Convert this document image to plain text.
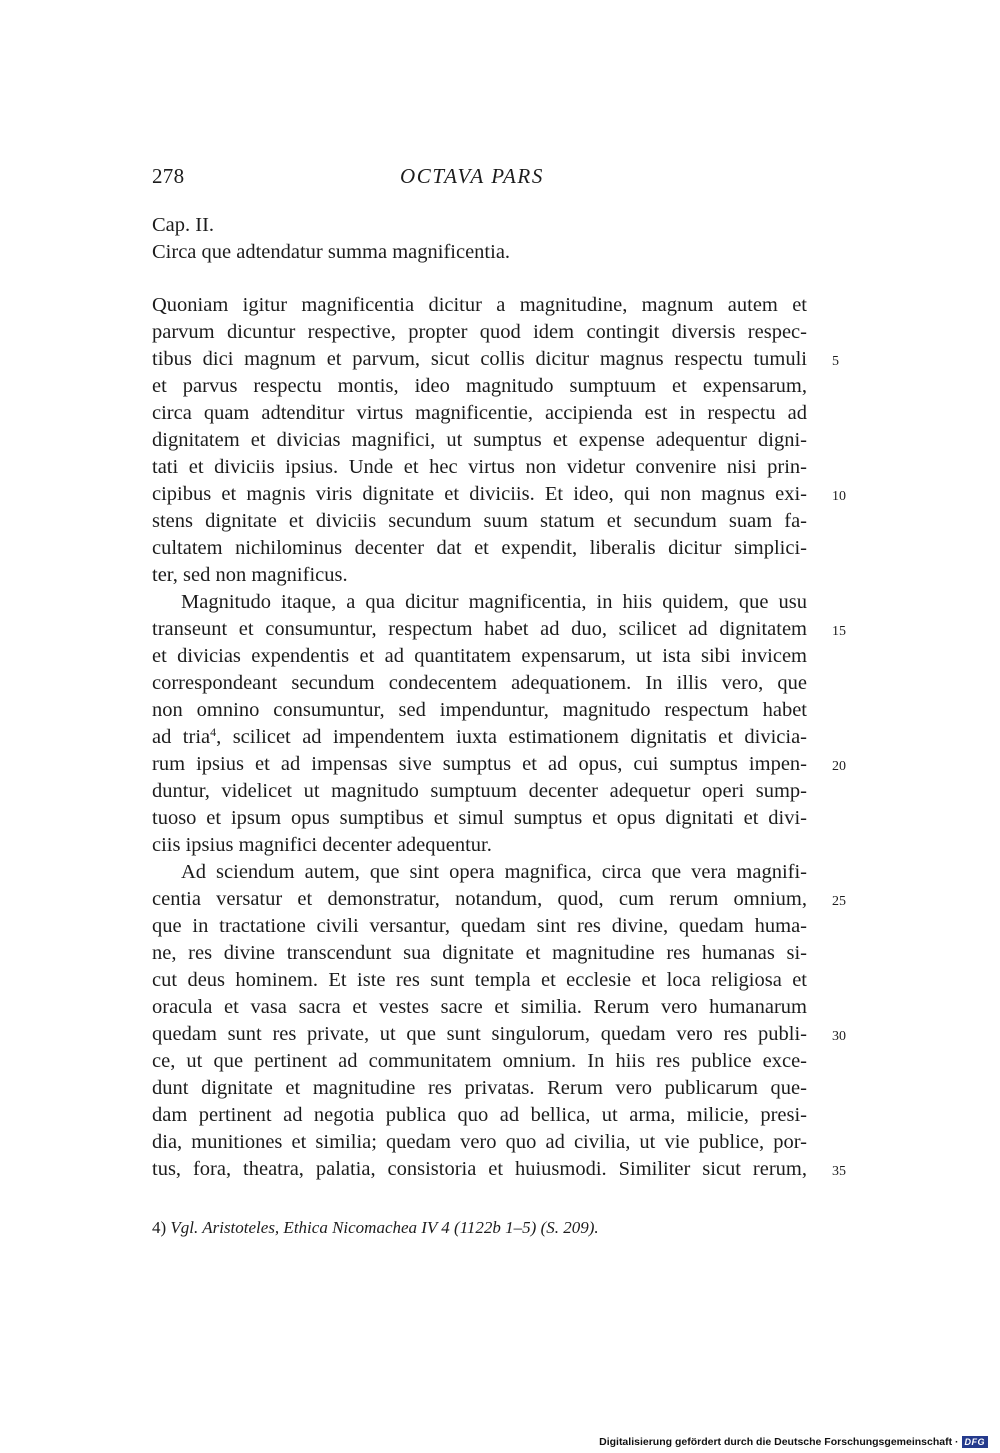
278	OCTAVA PARS
Cap. II.
Circa que adtendatur summa magnificentia.
Quoniam igitur magnificentia dicitur a magnitudine, magnum autem et
parvum dicuntur respective, propter quod idem contingit diversis respec-
tibus dici magnum et parvum, sicut collis dicitur magnus respectu tumuli
et parvus respectu montis, ideo magnitudo sumptuum et expensarum,
circa quam adtenditur virtus magnificentie, accipienda est in respectu ad
dignitatem et divicias magnifici, ut sumptus et expense adequentur digni-
tati et diviciis ipsius. Unde et hec virtus non videtur convenire nisi prin-
cipibus et magnis viris dignitate et diviciis. Et ideo, qui non magnus exi-
stens dignitate et diviciis secundum suum statum et secundum suam fa-
cultatem nichilominus decenter dat et expendit, liberalis dicitur simplici-
ter, sed non magnificus.
Magnitudo itaque, a qua dicitur magnificentia, in hiis quidem, que usu
transeunt et consumuntur, respectum habet ad duo, scilicet ad dignitatem
et divicias expendentis et ad quantitatem expensarum, ut ista sibi invicem
correspondeant secundum condecentem adequationem. In illis vero, que
non omnino consumuntur, sed impenduntur, magnitudo respectum habet
ad tria$^4$, scilicet ad impendentem iuxta estimationem dignitatis et divicia-
rum ipsius et ad impensas sive sumptus et ad opus, cui sumptus impen-
duntur, videlicet ut magnitudo sumptuum decenter adequetur operi sump-
tuoso et ipsum opus sumptibus et simul sumptus et opus dignitati et divi-
ciis ipsius magnifici decenter adequentur.
Ad sciendum autem, que sint opera magnifica, circa que vera magnifi-
centia versatur et demonstratur, notandum, quod, cum rerum omnium,
que in tractatione civili versantur, quedam sint res divine, quedam huma-
ne, res divine transcendunt sua dignitate et magnitudine res humanas si-
cut deus hominem. Et iste res sunt templa et ecclesie et loca religiosa et
oracula et vasa sacra et vestes sacre et similia. Rerum vero humanarum
quedam sunt res private, ut que sunt singulorum, quedam vero res publi-
ce, ut que pertinent ad communitatem omnium. In hiis res publice exce-
dunt dignitate et magnitudine res privatas. Rerum vero publicarum que-
dam pertinent ad negotia publica quo ad bellica, ut arma, milicie, presi-
dia, munitiones et similia; quedam vero quo ad civilia, ut vie publice, por-
tus, fora, theatra, palatia, consistoria et huiusmodi. Similiter sicut rerum,
5
10
15
20
25
30
35
4) Vgl. Aristoteles, Ethica Nicomachea IV 4 (1122b 1–5) (S. 209).
Digitalisierung gefördert durch die Deutsche Forschungsgemeinschaft · DFG
